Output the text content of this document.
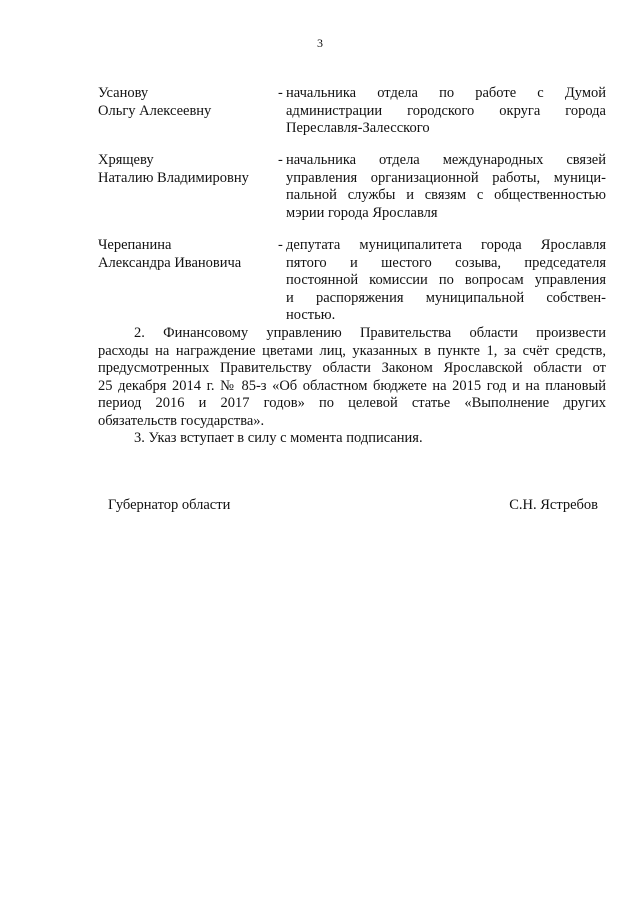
3
Усанову
Ольгу Алексеевну
- начальника отдела по работе с Думой
администрации городского округа города
Переславля-Залесского
Хрящеву
Наталию Владимировну
- начальника отдела международных связей
управления организационной работы, муници-
пальной службы и связям с общественностью
мэрии города Ярославля
Черепанина
Александра Ивановича
- депутата муниципалитета города Ярославля
пятого и шестого созыва, председателя
постоянной комиссии по вопросам управления
и распоряжения муниципальной собствен-
ностью.
2. Финансовому управлению Правительства области произвести
расходы на награждение цветами лиц, указанных в пункте 1, за счёт средств,
предусмотренных Правительству области Законом Ярославской области от
25 декабря 2014 г. № 85-з «Об областном бюджете на 2015 год и на плановый
период 2016 и 2017 годов» по целевой статье «Выполнение других
обязательств государства».
3. Указ вступает в силу с момента подписания.
Губернатор области	С.Н. Ястребов
